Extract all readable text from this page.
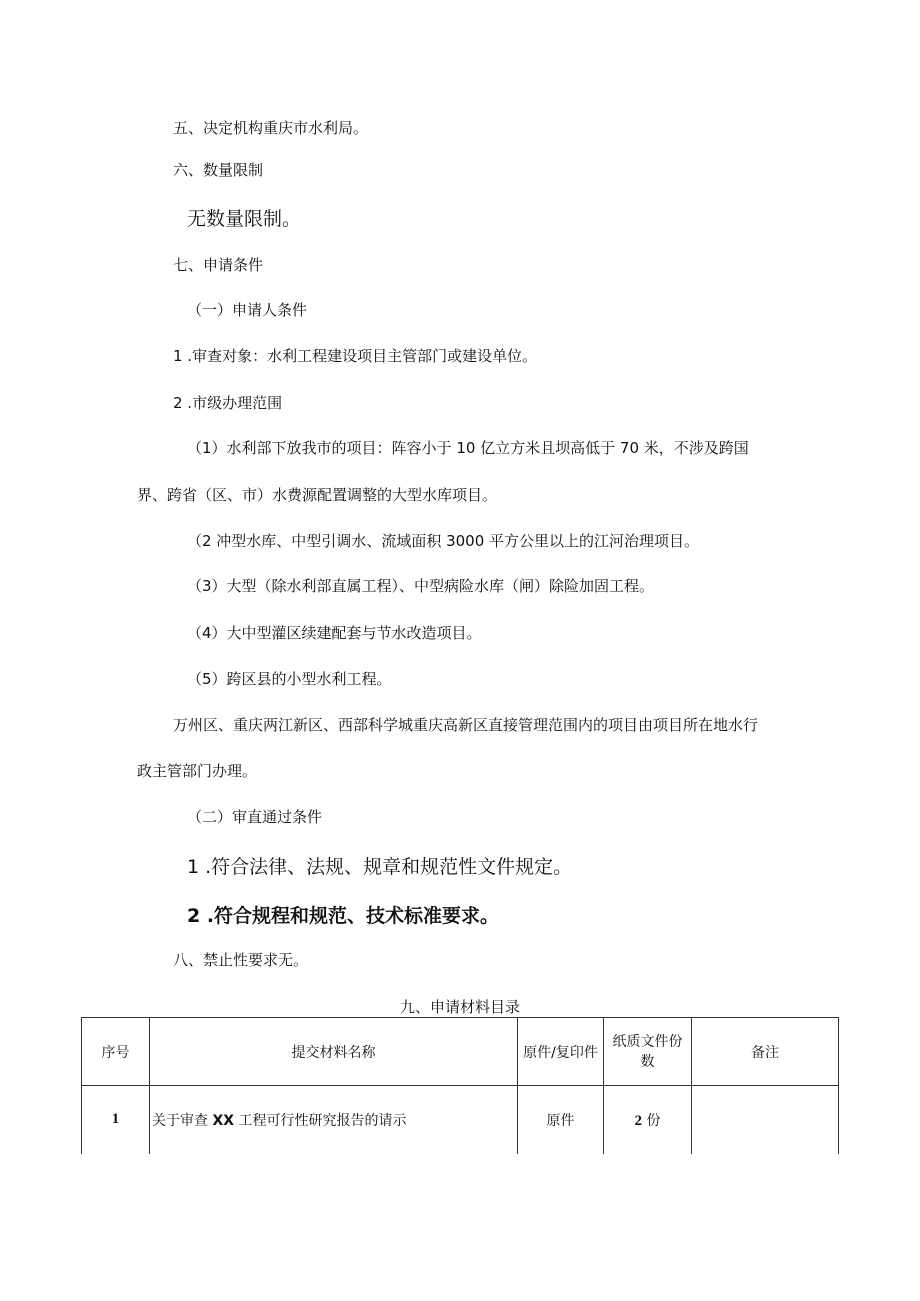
五、决定机构重庆市水利局。
六、数量限制
无数量限制。
七、申请条件
（一）申请人条件
1 .审查对象：水利工程建设项目主管部门或建设单位。
2 .市级办理范围
（1）水利部下放我市的项目：阵容小于 10 亿立方米且坝高低于 70 米，不涉及跨国
界、跨省（区、市）水费源配置调整的大型水库项目。
（2 冲型水库、中型引调水、流域面积 3000 平方公里以上的江河治理项目。
（3）大型（除水利部直属工程）、中型病险水库（闸）除险加固工程。
（4）大中型灌区续建配套与节水改造项目。
（5）跨区县的小型水利工程。
万州区、重庆两江新区、西部科学城重庆高新区直接管理范围内的项目由项目所在地水行
政主管部门办理。
（二）审直通过条件
1 .符合法律、法规、规章和规范性文件规定。
2 .符合规程和规范、技术标准要求。
八、禁止性要求无。
九、申请材料目录
序号	提交材料名称	原件/复印件	纸质文件份数	备注
1	关于审查 XX 工程可行性研究报告的请示	原件	2 份	
